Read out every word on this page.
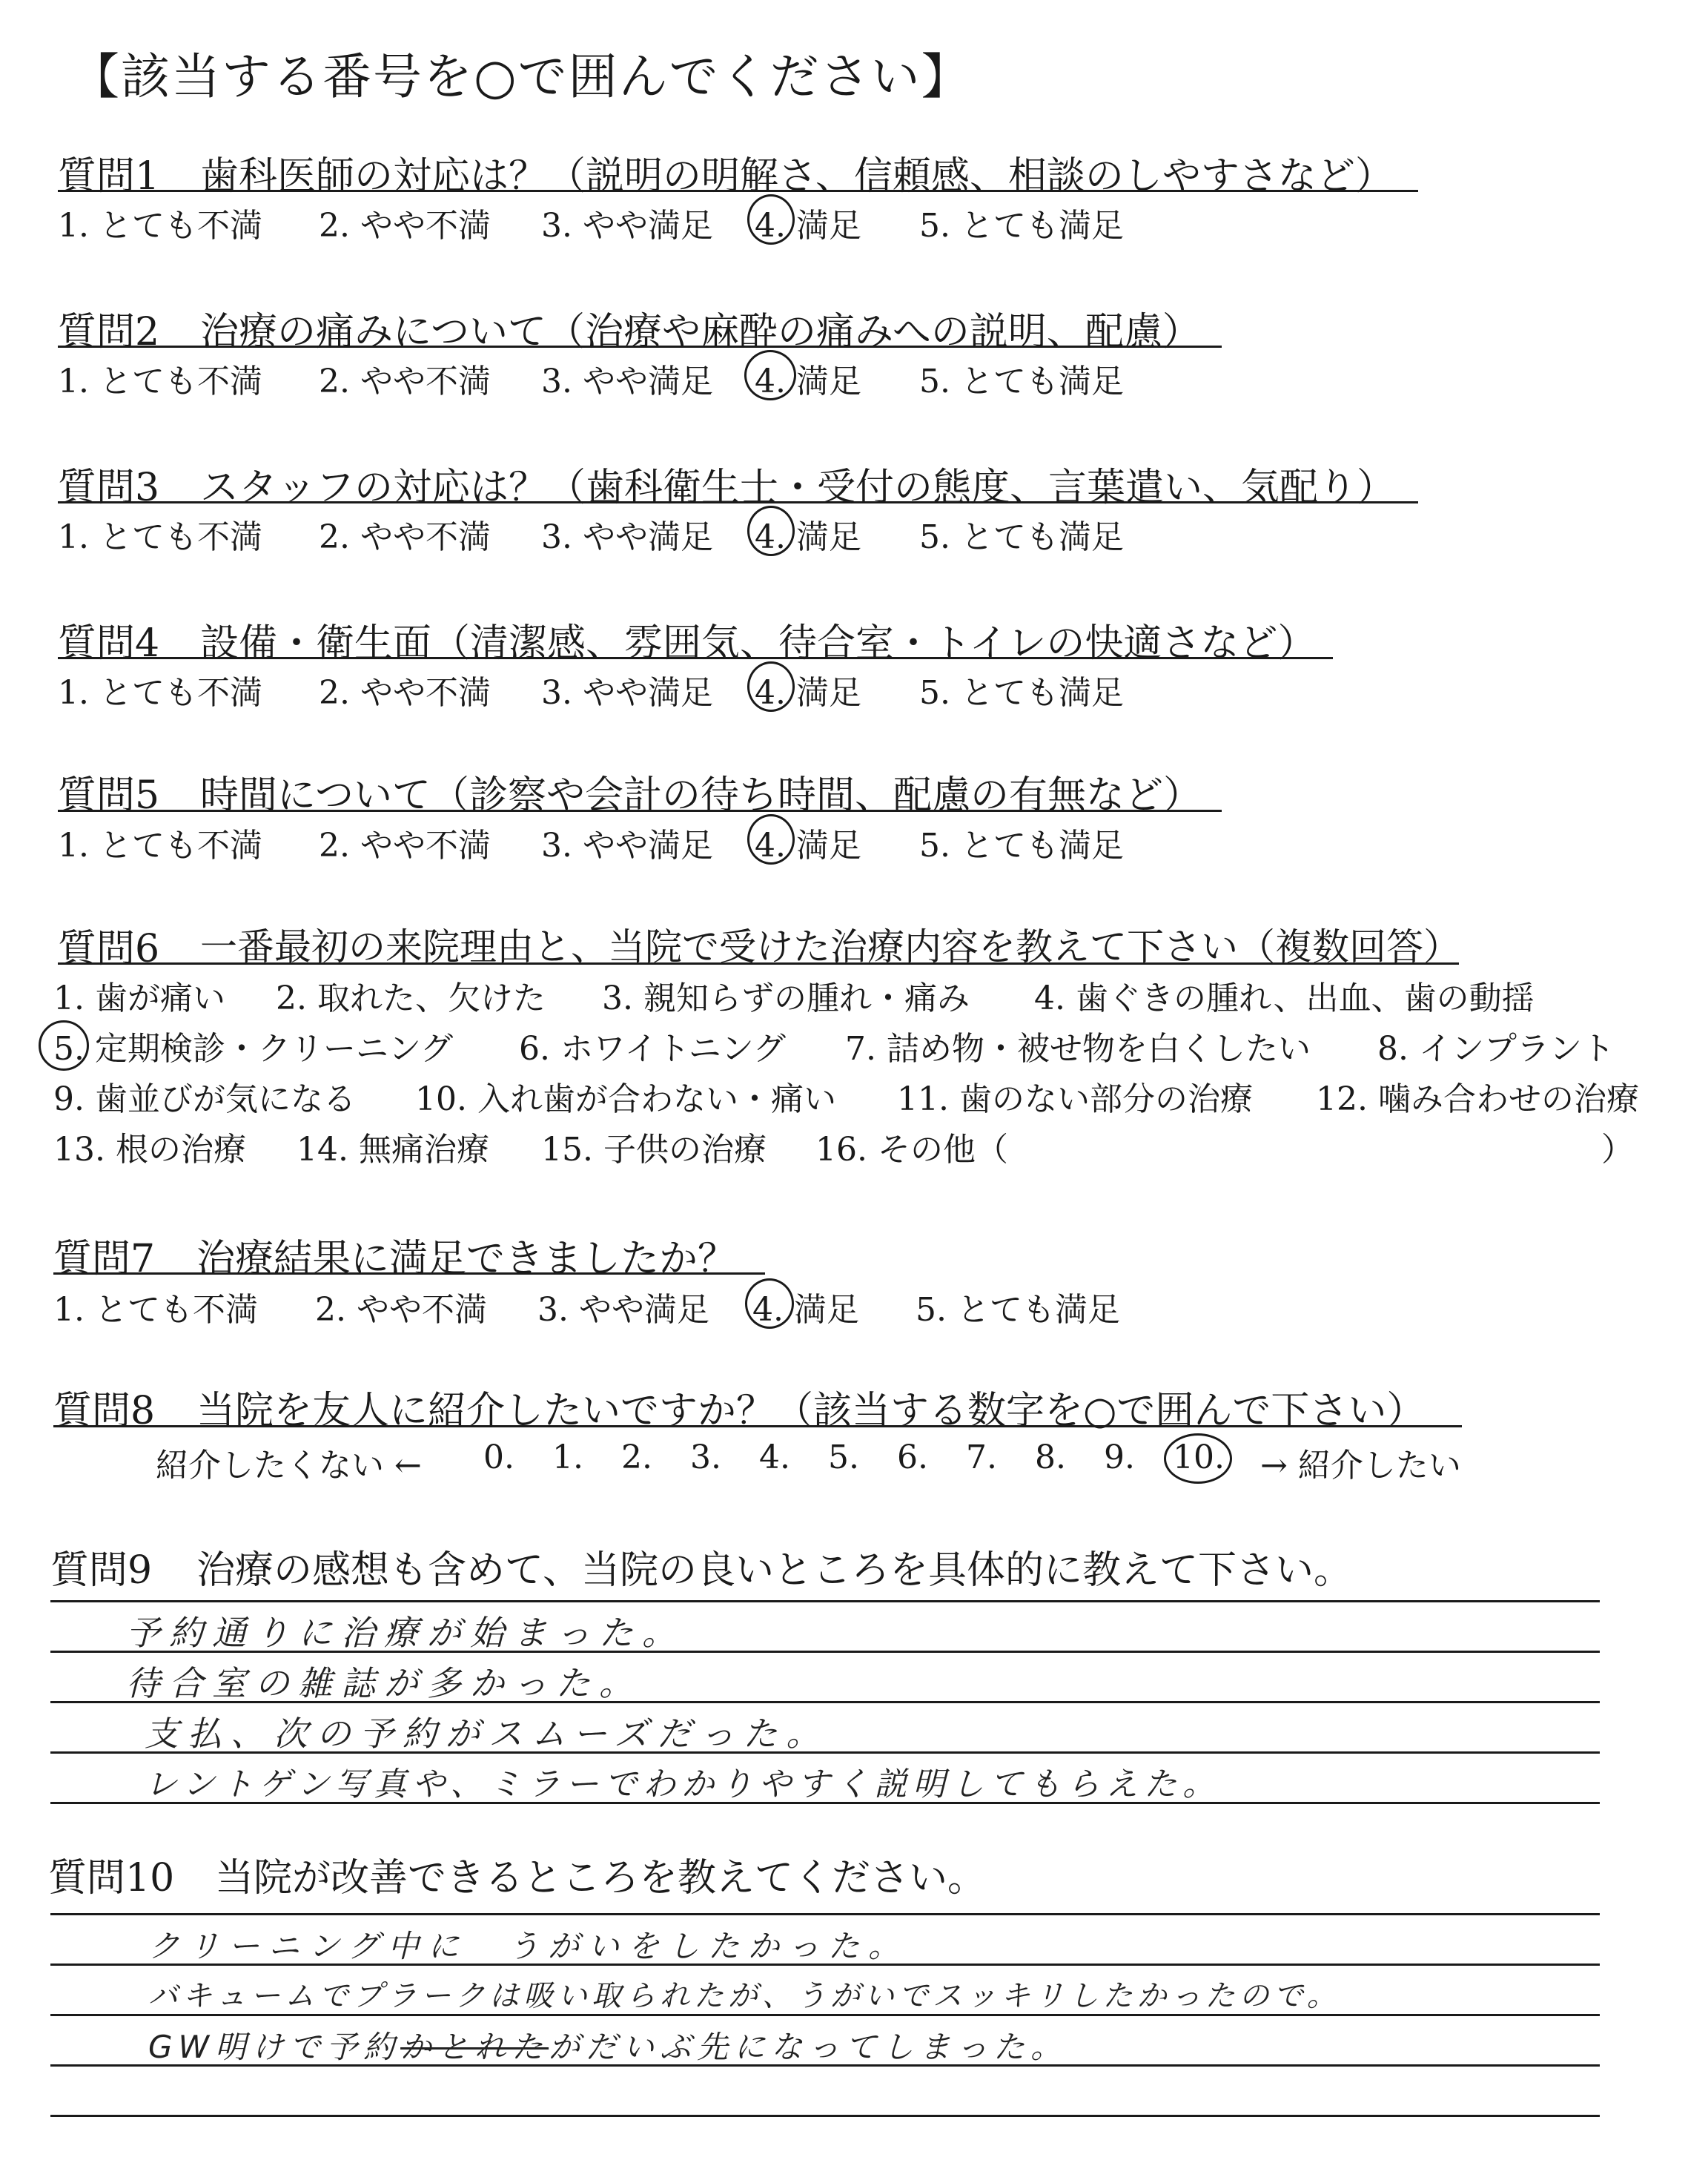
【該当する番号を○で囲んでください】
質問1 歯科医師の対応は？（説明の明解さ、信頼感、相談のしやすさなど）
1. とても不満 2. やや不満 3. やや満足 4. 満足 5. とても満足
質問2 治療の痛みについて（治療や麻酔の痛みへの説明、配慮）
1. とても不満 2. やや不満 3. やや満足 4. 満足 5. とても満足
質問3 スタッフの対応は？（歯科衛生士・受付の態度、言葉遣い、気配り）
1. とても不満 2. やや不満 3. やや満足 4. 満足 5. とても満足
質問4 設備・衛生面（清潔感、雰囲気、待合室・トイレの快適さなど）
1. とても不満 2. やや不満 3. やや満足 4. 満足 5. とても満足
質問5 時間について（診察や会計の待ち時間、配慮の有無など）
1. とても不満 2. やや不満 3. やや満足 4. 満足 5. とても満足
質問6 一番最初の来院理由と、当院で受けた治療内容を教えて下さい（複数回答）
1. 歯が痛い 2. 取れた、欠けた 3. 親知らずの腫れ・痛み 4. 歯ぐきの腫れ、出血、歯の動揺
5. 定期検診・クリーニング 6. ホワイトニング 7. 詰め物・被せ物を白くしたい 8. インプラント
9. 歯並びが気になる 10. 入れ歯が合わない・痛い 11. 歯のない部分の治療 12. 噛み合わせの治療
13. 根の治療 14. 無痛治療 15. 子供の治療 16. その他（	）
質問7 治療結果に満足できましたか？
1. とても不満 2. やや不満 3. やや満足 4. 満足 5. とても満足
質問8 当院を友人に紹介したいですか？（該当する数字を○で囲んで下さい）
紹介したくない ← 0. 1. 2. 3. 4. 5. 6. 7. 8. 9. 10. → 紹介したい
質問9 治療の感想も含めて、当院の良いところを具体的に教えて下さい。
予約通りに治療が始まった。
待合室の雑誌が多かった。
支払、次の予約がスムーズだった。
レントゲン写真や、ミラーでわかりやすく説明してもらえた。
質問10 当院が改善できるところを教えてください。
クリーニング中に　うがいをしたかった。
バキュームでプラークは吸い取られたが、うがいでスッキリしたかったので。
GW明けで予約かとれたがだいぶ先になってしまった。
